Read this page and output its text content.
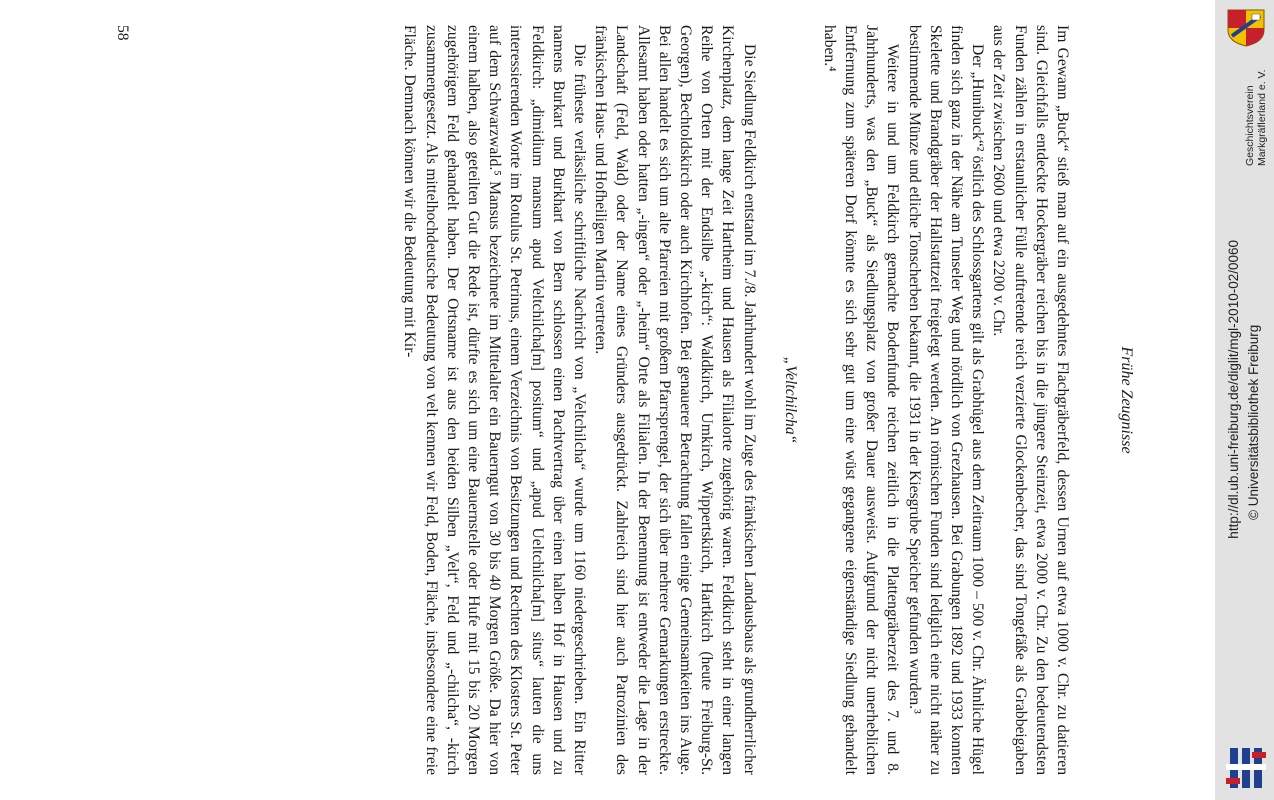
Frühe Zeugnisse

Im Gewann „Buck“ stieß man auf ein ausgedehntes Flachgräberfeld, dessen Urnen auf etwa 1000 v. Chr. zu datieren sind. Gleichfalls entdeckte Hockergräber reichen bis in die jüngere Steinzeit, etwa 2000 v. Chr. Zu den bedeutendsten Funden zählen in erstaunlicher Fülle auftretende reich verzierte Glockenbecher, das sind Tongefäße als Grabbeigaben aus der Zeit zwischen 2600 und etwa 2200 v. Chr.

Der „Hunibuck“² östlich des Schlossgartens gilt als Grabhügel aus dem Zeitraum 1000 – 500 v. Chr. Ähnliche Hügel finden sich ganz in der Nähe am Tunseler Weg und nördlich von Grezhausen. Bei Grabungen 1892 und 1933 konnten Skelette und Brandgräber der Hallstattzeit freigelegt werden. An römischen Funden sind lediglich eine nicht näher zu bestimmende Münze und etliche Tonscherben bekannt, die 1931 in der Kiesgrube Speicher gefunden wurden.³

Weitere in und um Feldkirch gemachte Bodenfunde reichen zeitlich in die Plattengräberzeit des 7. und 8. Jahrhunderts, was den „Buck“ als Siedlungsplatz von großer Dauer ausweist. Aufgrund der nicht unerheblichen Entfernung zum späteren Dorf könnte es sich sehr gut um eine wüst gegangene eigenständige Siedlung gehandelt haben.⁴

„Veltchilcha“

Die Siedlung Feldkirch entstand im 7./8. Jahrhundert wohl im Zuge des fränkischen Landausbaus als grundherrlicher Kirchenplatz, dem lange Zeit Hartheim und Hausen als Filialorte zugehörig waren. Feldkirch steht in einer langen Reihe von Orten mit der Endsilbe „-kirch“: Waldkirch, Umkirch, Wippertskirch, Hartkirch (heute Freiburg-St. Georgen), Bechtoldskirch oder auch Kirchhofen. Bei genauerer Betrachtung fallen einige Gemeinsamkeiten ins Auge. Bei allen handelt es sich um alte Pfarreien mit großem Pfarrsprengel, der sich über mehrere Gemarkungen erstreckte. Allesamt haben oder hatten „-ingen“ oder „-heim“ Orte als Filialen. In der Benennung ist entweder die Lage in der Landschaft (Feld, Wald) oder der Name eines Gründers ausgedrückt. Zahlreich sind hier auch Patrozinien des fränkischen Haus- und Hofheiligen Martin vertreten.

Die früheste verlässliche schriftliche Nachricht von „Veltchilcha“ wurde um 1160 niedergeschrieben. Ein Ritter namens Burkart und Burkhart von Bern schlossen einen Pachtvertrag über einen halben Hof in Hausen und zu Feldkirch: „dimidium mansum apud Veltchilcha[m] positum“ und „apud Ueltchilcha[m] situs“ lauten die uns interessierenden Worte im Rotulus St. Petrinus, einem Verzeichnis von Besitzungen und Rechten des Klosters St. Peter auf dem Schwarzwald.⁵ Mansus bezeichnete im Mittelalter ein Bauerngut von 30 bis 40 Morgen Größe. Da hier von einem halben, also geteilten Gut die Rede ist, dürfte es sich um eine Bauernstelle oder Hufe mit 15 bis 20 Morgen zugehörigem Feld gehandelt haben. Der Ortsname ist aus den beiden Silben „Velt“, Feld und „-chilcha“, -kirch zusammengesetzt. Als mittelhochdeutsche Bedeutung von velt kennen wir Feld, Boden, Fläche, insbesondere eine freie Fläche. Demnach können wir die Bedeutung mit Kir-

58
Geschichtsverein Markgräflerland e. V.
http://dl.ub.uni-freiburg.de/diglit/mgl-2010-02/0060 © Universitätsbibliothek Freiburg
